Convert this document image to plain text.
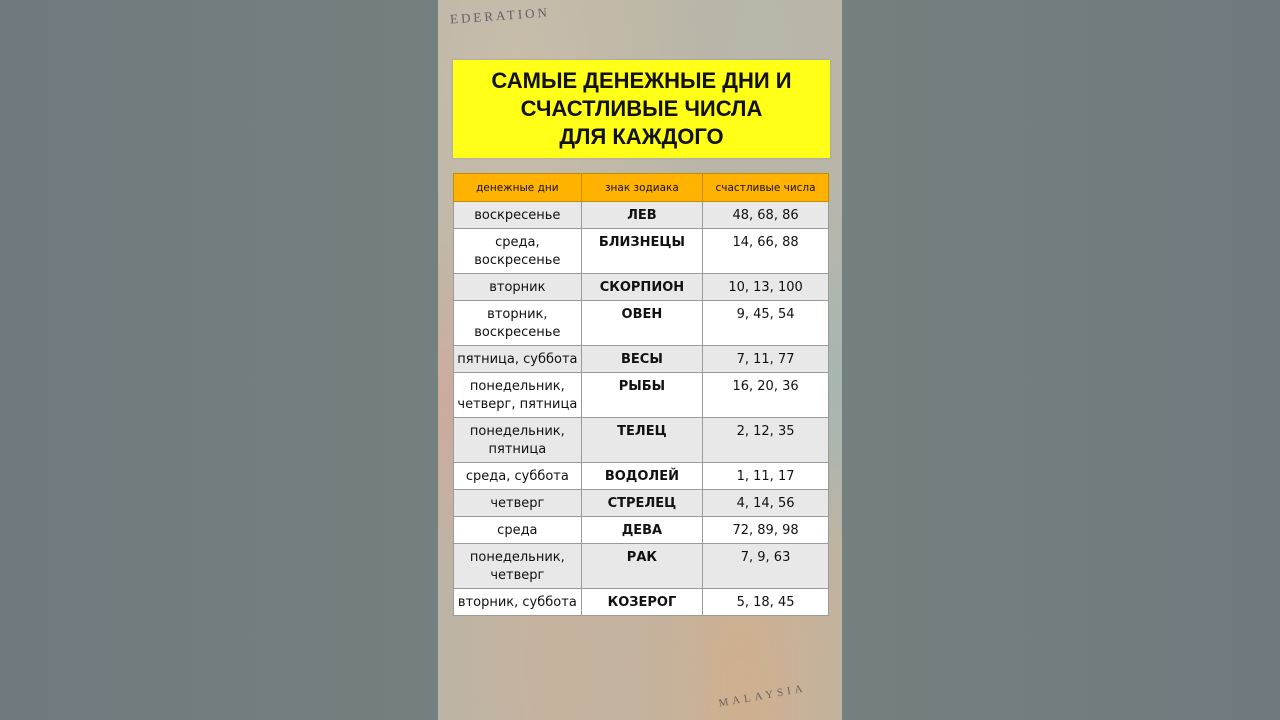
EDERATION
MALAYSIA
САМЫЕ ДЕНЕЖНЫЕ ДНИ И
СЧАСТЛИВЫЕ ЧИСЛА
ДЛЯ КАЖДОГО
денежные дни	знак зодиака	счастливые числа
воскресенье	ЛЕВ	48, 68, 86
среда, воскресенье	БЛИЗНЕЦЫ	14, 66, 88
вторник	СКОРПИОН	10, 13, 100
вторник, воскресенье	ОВЕН	9, 45, 54
пятница, суббота	ВЕСЫ	7, 11, 77
понедельник, четверг, пятница	РЫБЫ	16, 20, 36
понедельник, пятница	ТЕЛЕЦ	2, 12, 35
среда, суббота	ВОДОЛЕЙ	1, 11, 17
четверг	СТРЕЛЕЦ	4, 14, 56
среда	ДЕВА	72, 89, 98
понедельник, четверг	РАК	7, 9, 63
вторник, суббота	КОЗЕРОГ	5, 18, 45
